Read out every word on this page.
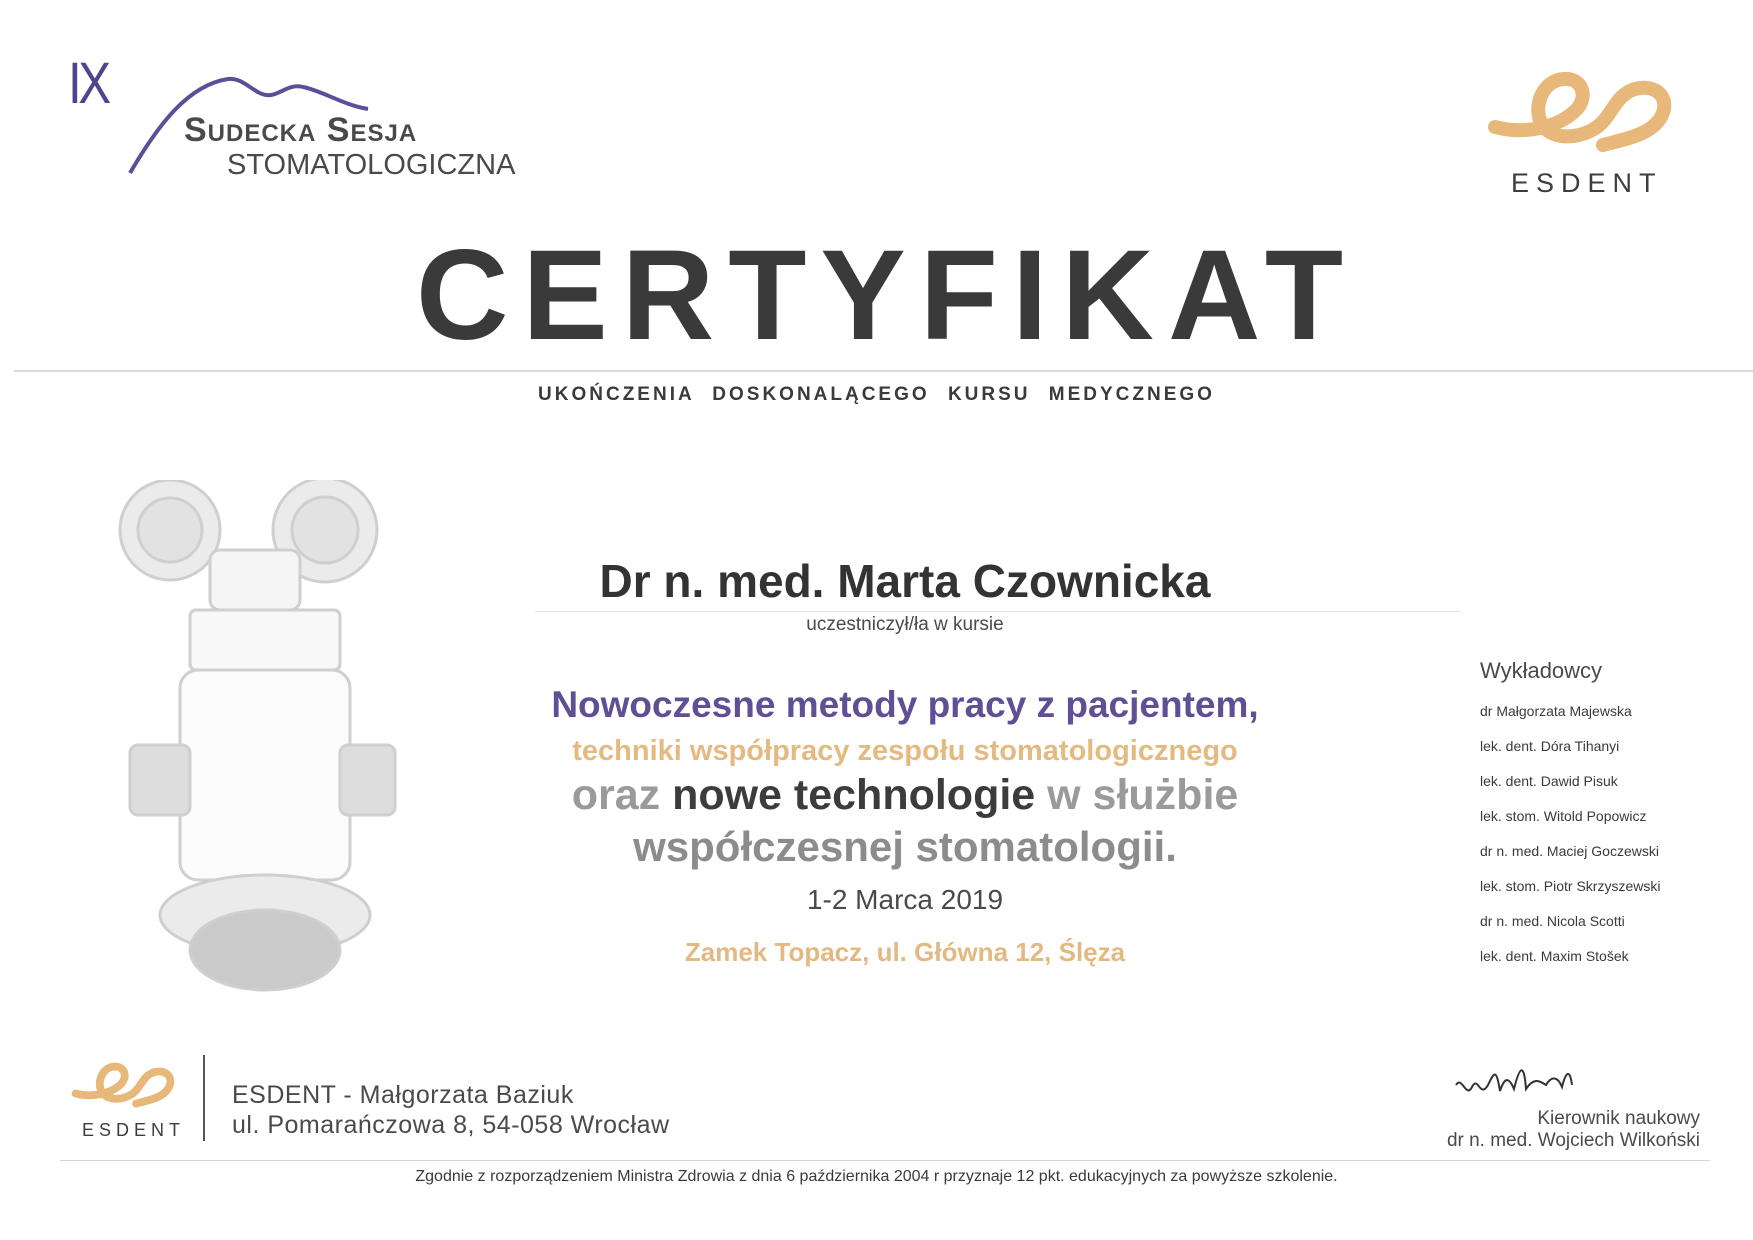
IX
Sudecka Sesja
STOMATOLOGICZNA
ESDENT
CERTYFIKAT
UKOŃCZENIA DOSKONALĄCEGO KURSU MEDYCZNEGO
Dr n. med. Marta Czownicka
uczestniczył/ła w kursie
Nowoczesne metody pracy z pacjentem,
techniki współpracy zespołu stomatologicznego
oraz nowe technologie w służbie
współczesnej stomatologii.
1-2 Marca 2019
Zamek Topacz, ul. Główna 12, Ślęza
Wykładowcy
dr Małgorzata Majewska
lek. dent. Dóra Tihanyi
lek. dent. Dawid Pisuk
lek. stom. Witold Popowicz
dr n. med. Maciej Goczewski
lek. stom. Piotr Skrzyszewski
dr n. med. Nicola Scotti
lek. dent. Maxim Stošek
ESDENT
ESDENT - Małgorzata Baziuk
ul. Pomarańczowa 8, 54-058 Wrocław	Kierownik naukowy
dr n. med. Wojciech Wilkoński
Zgodnie z rozporządzeniem Ministra Zdrowia z dnia 6 października 2004 r przyznaje 12 pkt. edukacyjnych za powyższe szkolenie.
